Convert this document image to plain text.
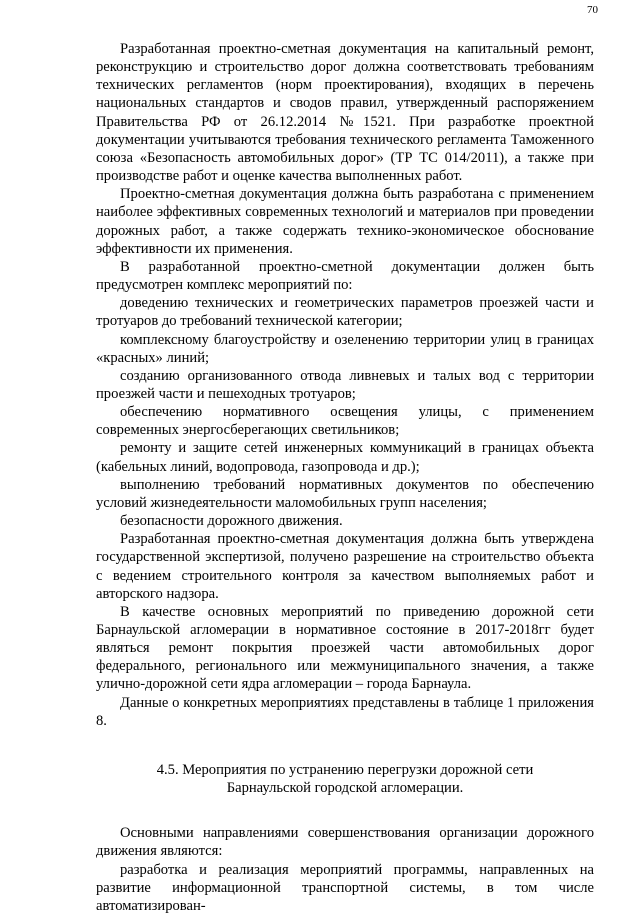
70

Разработанная проектно-сметная документация на капитальный ремонт, реконструкцию и строительство дорог должна соответствовать требованиям технических регламентов (норм проектирования), входящих в перечень национальных стандартов и сводов правил, утвержденный распоряжением Правительства РФ от 26.12.2014 №1521. При разработке проектной документации учитываются требования технического регламента Таможенного союза «Безопасность автомобильных дорог» (ТР ТС 014/2011), а также при производстве работ и оценке качества выполненных работ.

Проектно-сметная документация должна быть разработана с применением наиболее эффективных современных технологий и материалов при проведении дорожных работ, а также содержать технико-экономическое обоснование эффективности их применения.

В разработанной проектно-сметной документации должен быть предусмотрен комплекс мероприятий по:

доведению технических и геометрических параметров проезжей части и тротуаров до требований технической категории;

комплексному благоустройству и озеленению территории улиц в границах «красных» линий;

созданию организованного отвода ливневых и талых вод с территории проезжей части и пешеходных тротуаров;

обеспечению нормативного освещения улицы, с применением современных энергосберегающих светильников;

ремонту и защите сетей инженерных коммуникаций в границах объекта (кабельных линий, водопровода, газопровода и др.);

выполнению требований нормативных документов по обеспечению условий жизнедеятельности маломобильных групп населения;

безопасности дорожного движения.

Разработанная проектно-сметная документация должна быть утверждена государственной экспертизой, получено разрешение на строительство объекта с ведением строительного контроля за качеством выполняемых работ и авторского надзора.

В качестве основных мероприятий по приведению дорожной сети Барнаульской агломерации в нормативное состояние в 2017-2018гг будет являться ремонт покрытия проезжей части автомобильных дорог федерального, регионального или межмуниципального значения, а также улично-дорожной сети ядра агломерации – города Барнаула.

Данные о конкретных мероприятиях представлены в таблице 1 приложения 8.

4.5. Мероприятия по устранению перегрузки дорожной сети
Барнаульской городской агломерации.

Основными направлениями совершенствования организации дорожного движения являются:

разработка и реализация мероприятий программы, направленных на развитие информационной транспортной системы, в том числе автоматизирован-
